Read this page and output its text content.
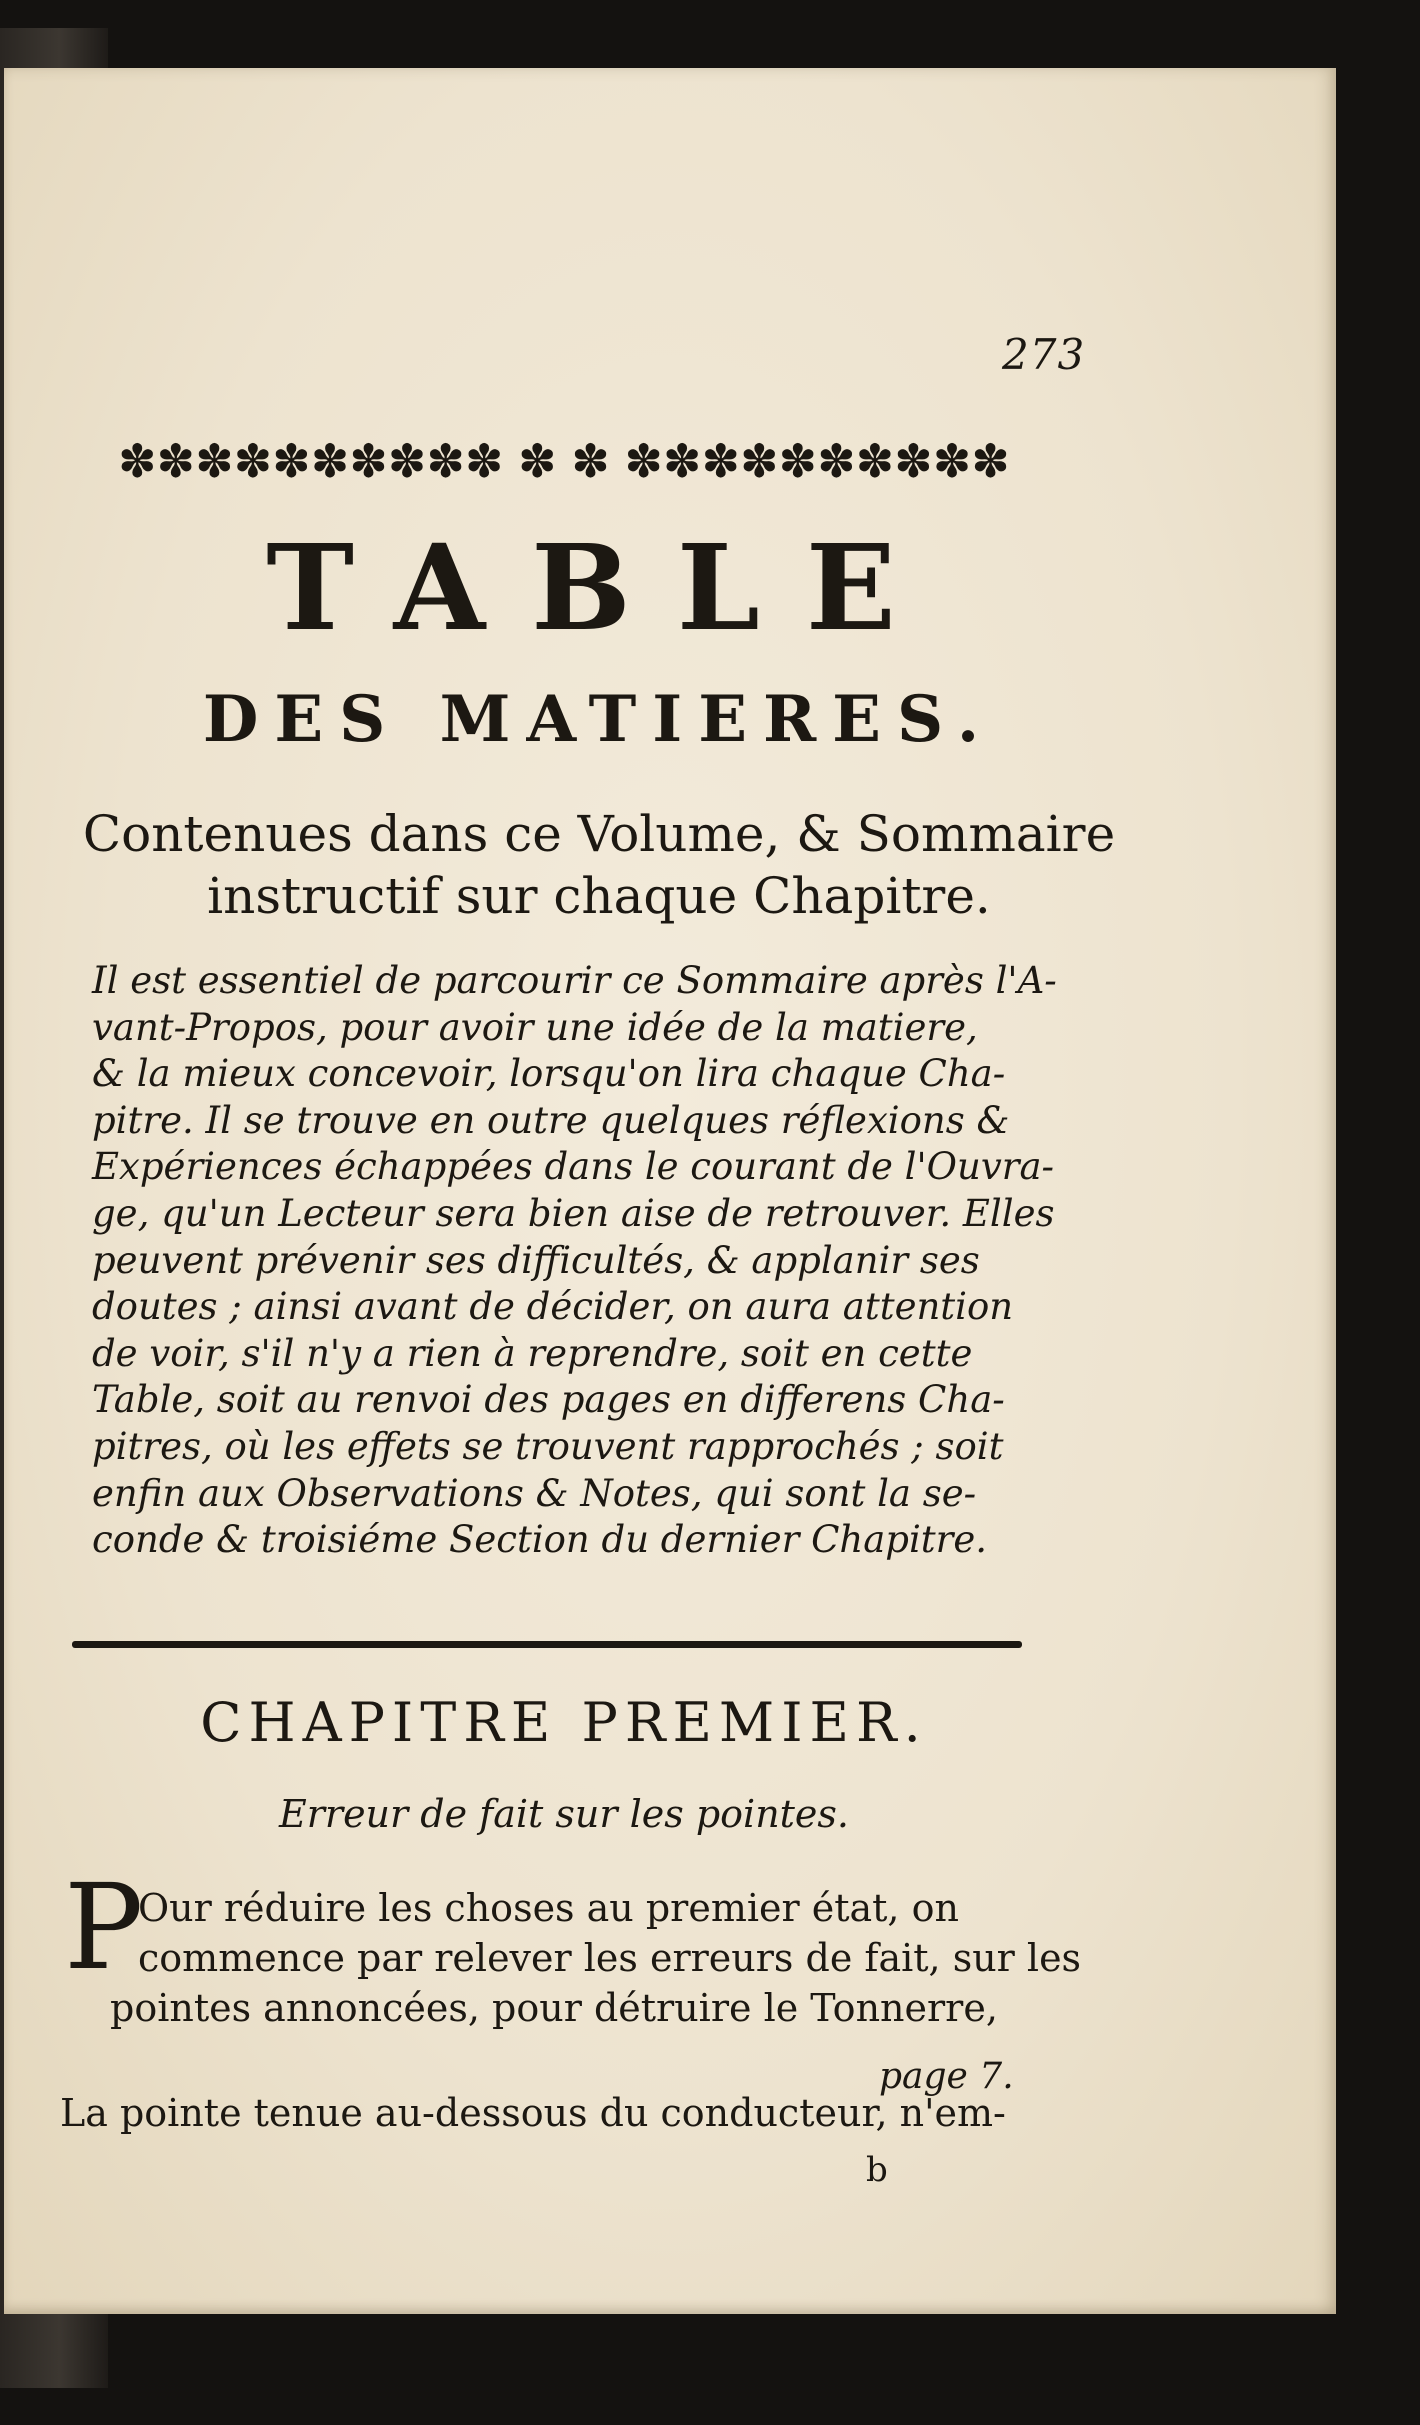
273
✽✽✽✽✽✽✽✽✽✽ ✽ ✽ ✽✽✽✽✽✽✽✽✽✽
TABLE
DES MATIERES.
Contenues dans ce Volume, & Sommaire
instructif sur chaque Chapitre.
Il est essentiel de parcourir ce Sommaire après l'A-
vant-Propos, pour avoir une idée de la matiere,
& la mieux concevoir, lorsqu'on lira chaque Cha-
pitre. Il se trouve en outre quelques réflexions &
Expériences échappées dans le courant de l'Ouvra-
ge, qu'un Lecteur sera bien aise de retrouver. Elles
peuvent prévenir ses difficultés, & applanir ses
doutes ; ainsi avant de décider, on aura attention
de voir, s'il n'y a rien à reprendre, soit en cette
Table, soit au renvoi des pages en differens Cha-
pitres, où les effets se trouvent rapprochés ; soit
enfin aux Observations & Notes, qui sont la se-
conde & troisiéme Section du dernier Chapitre.
CHAPITRE PREMIER.
Erreur de fait sur les pointes.
P
Our réduire les choses au premier état, on
commence par relever les erreurs de fait, sur les
pointes annoncées, pour détruire le Tonnerre,
page 7.
La pointe tenue au-dessous du conducteur, n'em-
b
